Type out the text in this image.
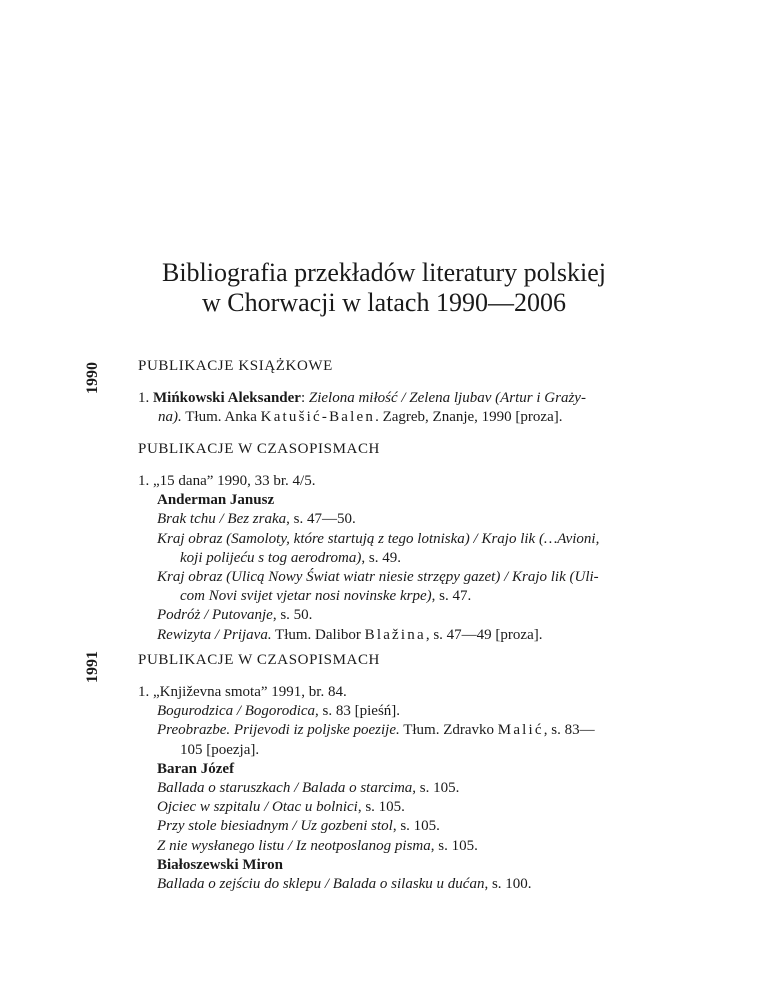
Bibliografia przekładów literatury polskiej
w Chorwacji w latach 1990—2006
1990
1991
PUBLIKACJE KSIĄŻKOWE
1. Mińkowski Aleksander: Zielona miłość / Zelena ljubav (Artur i Graży-
na). Tłum. Anka Katušić-Balen. Zagreb, Znanje, 1990 [proza].
PUBLIKACJE W CZASOPISMACH
1. „15 dana” 1990, 33 br. 4/5.
Anderman Janusz
Brak tchu / Bez zraka, s. 47—50.
Kraj obraz (Samoloty, które startują z tego lotniska) / Krajo lik (…Avioni,
koji polijeću s tog aerodroma), s. 49.
Kraj obraz (Ulicą Nowy Świat wiatr niesie strzępy gazet) / Krajo lik (Uli-
com Novi svijet vjetar nosi novinske krpe), s. 47.
Podróż / Putovanje, s. 50.
Rewizyta / Prijava. Tłum. Dalibor Blažina, s. 47—49 [proza].
PUBLIKACJE W CZASOPISMACH
1. „Književna smota” 1991, br. 84.
Bogurodzica / Bogorodica, s. 83 [pieśń].
Preobrazbe. Prijevodi iz poljske poezije. Tłum. Zdravko Malić, s. 83—
105 [poezja].
Baran Józef
Ballada o staruszkach / Balada o starcima, s. 105.
Ojciec w szpitalu / Otac u bolnici, s. 105.
Przy stole biesiadnym / Uz gozbeni stol, s. 105.
Z nie wysłanego listu / Iz neotposlanog pisma, s. 105.
Białoszewski Miron
Ballada o zejściu do sklepu / Balada o silasku u dućan, s. 100.
